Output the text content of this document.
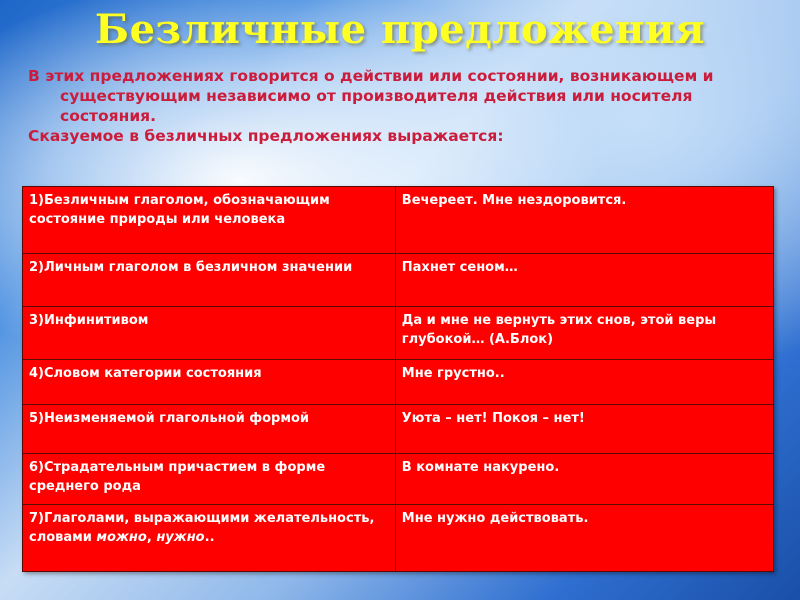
Безличные предложения

В этих предложениях говорится о действии или состоянии, возникающем и существующим независимо от производителя действия или носителя состояния.

Сказуемое в безличных предложениях выражается:

1)Безличным глаголом, обозначающим состояние природы или человека	Вечереет. Мне нездоровится.
2)Личным глаголом в безличном значении	Пахнет сеном…
3)Инфинитивом	Да и мне не вернуть этих снов, этой веры глубокой… (А.Блок)
4)Словом категории состояния	Мне грустно..
5)Неизменяемой глагольной формой	Уюта – нет! Покоя – нет!
6)Страдательным причастием в форме среднего рода	В комнате накурено.
7)Глаголами, выражающими желательность, словами можно, нужно..	Мне нужно действовать.
